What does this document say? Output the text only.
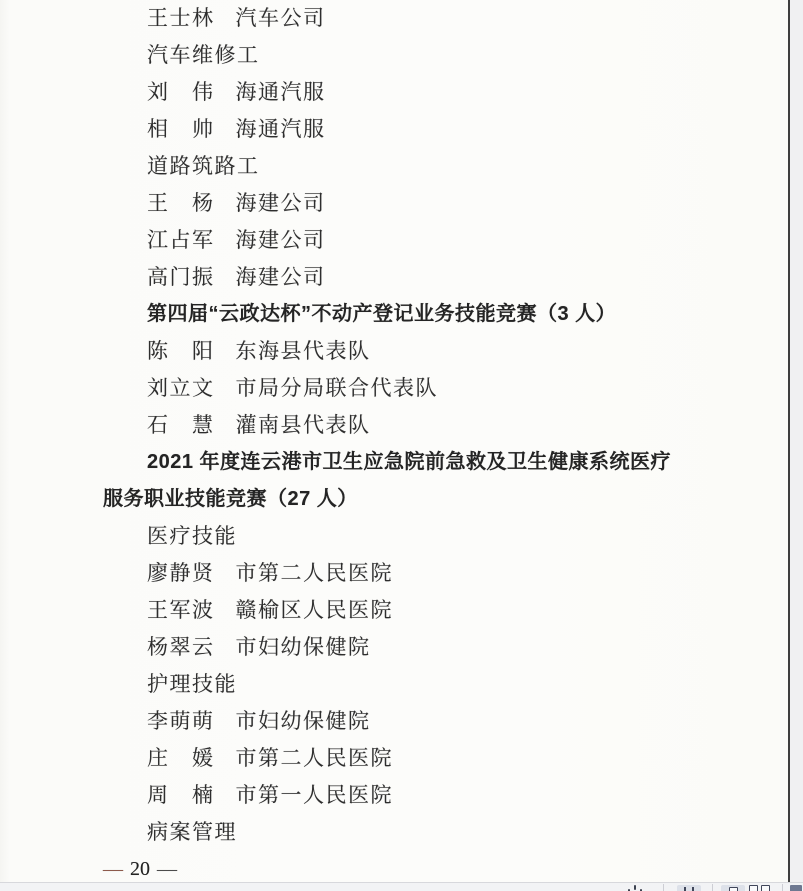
王士林 汽车公司
汽车维修工
刘　伟 海通汽服
相　帅 海通汽服
道路筑路工
王　杨 海建公司
江占军 海建公司
高门振 海建公司
第四届“云政达杯”不动产登记业务技能竞赛（3 人）
陈　阳 东海县代表队
刘立文 市局分局联合代表队
石　慧 灌南县代表队
2021 年度连云港市卫生应急院前急救及卫生健康系统医疗
服务职业技能竞赛（27 人）
医疗技能
廖静贤 市第二人民医院
王军波 赣榆区人民医院
杨翠云 市妇幼保健院
护理技能
李萌萌 市妇幼保健院
庄　媛 市第二人民医院
周　楠 市第一人民医院
病案管理
— 20 —
